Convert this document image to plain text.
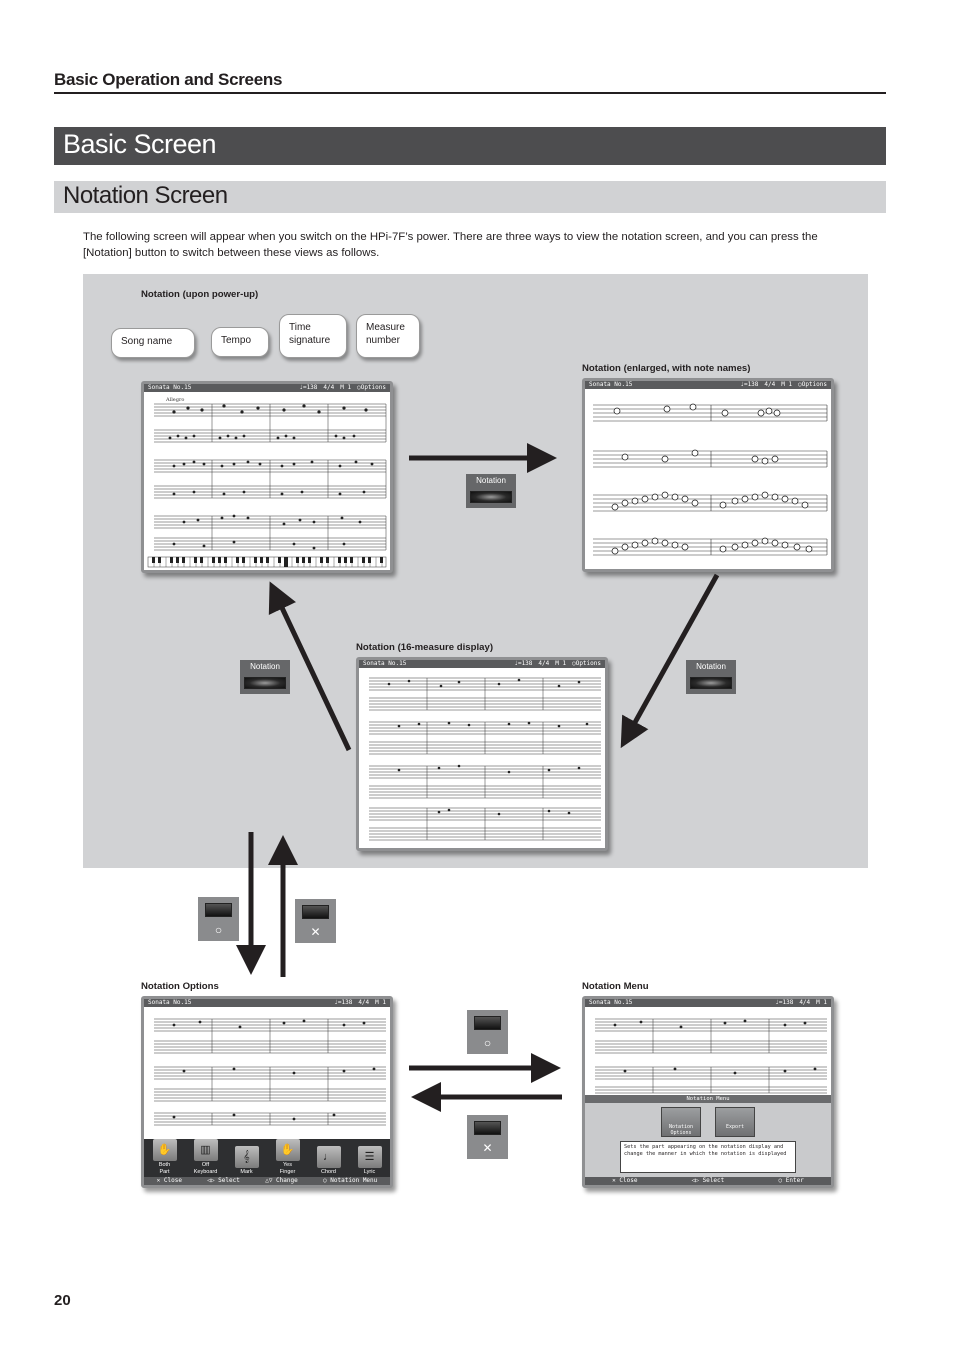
Basic Operation and Screens
Basic Screen
Notation Screen
The following screen will appear when you switch on the HPi-7F’s power. There are three ways to view the notation screen, and you can press the [Notation] button to switch between these views as follows.
Notation (upon power-up)
Notation (enlarged, with note names)
Notation (16-measure display)
Notation Options	Notation Menu
Song name	Tempo
Time signature
Measure number
Sonata No.15	♩=138 4/4 M 1 ○Options
Allegro
Sonata No.15	♩=138 4/4 M 1 ○Options
Sonata No.15	♩=138 4/4 M 1 ○Options
Sonata No.15	♩=138 4/4 M 1
✋
Both
Part
▥
Off
Keyboard
𝄞
Mark
✋
Yes
Finger
♩
Chord
☰
Lyric
✕ Close	◁▷ Select	△▽ Change	○ Notation Menu
Sonata No.15	♩=138 4/4 M 1
Notation Menu
Notation Options
Export
Sets the part appearing on the notation display and change the manner in which the notation is displayed
✕ Close	◁▷ Select	○ Enter
Notation
Notation	Notation
○	✕
○
✕
20
